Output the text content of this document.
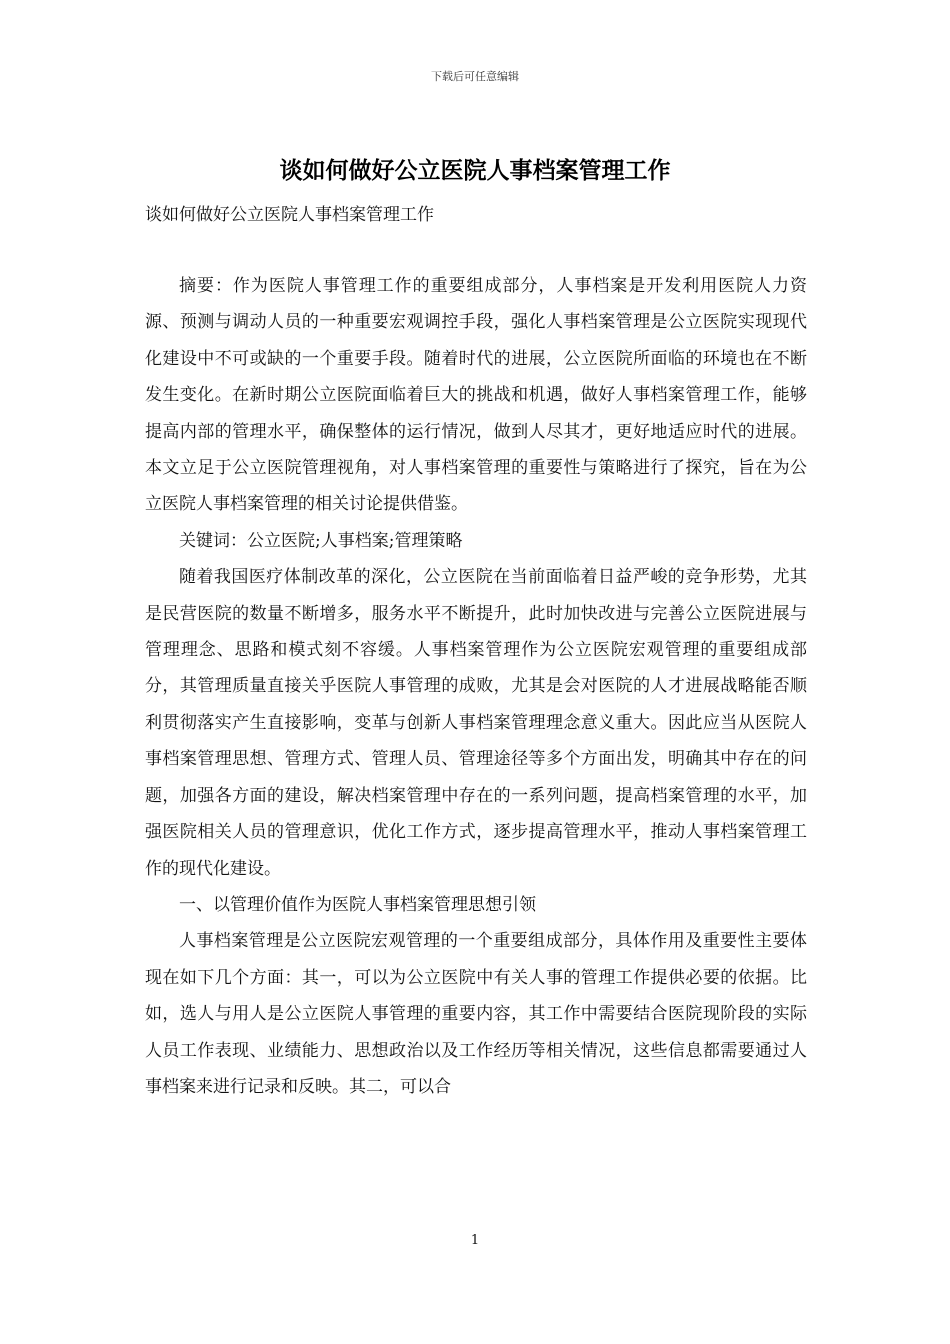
下载后可任意编辑
谈如何做好公立医院人事档案管理工作
谈如何做好公立医院人事档案管理工作

摘要：作为医院人事管理工作的重要组成部分，人事档案是开发利用医院人力资源、预测与调动人员的一种重要宏观调控手段，强化人事档案管理是公立医院实现现代化建设中不可或缺的一个重要手段。随着时代的进展，公立医院所面临的环境也在不断发生变化。在新时期公立医院面临着巨大的挑战和机遇，做好人事档案管理工作，能够提高内部的管理水平，确保整体的运行情况，做到人尽其才，更好地适应时代的进展。本文立足于公立医院管理视角，对人事档案管理的重要性与策略进行了探究，旨在为公立医院人事档案管理的相关讨论提供借鉴。

关键词：公立医院;人事档案;管理策略

随着我国医疗体制改革的深化，公立医院在当前面临着日益严峻的竞争形势，尤其是民营医院的数量不断增多，服务水平不断提升，此时加快改进与完善公立医院进展与管理理念、思路和模式刻不容缓。人事档案管理作为公立医院宏观管理的重要组成部分，其管理质量直接关乎医院人事管理的成败，尤其是会对医院的人才进展战略能否顺利贯彻落实产生直接影响，变革与创新人事档案管理理念意义重大。因此应当从医院人事档案管理思想、管理方式、管理人员、管理途径等多个方面出发，明确其中存在的问题，加强各方面的建设，解决档案管理中存在的一系列问题，提高档案管理的水平，加强医院相关人员的管理意识，优化工作方式，逐步提高管理水平，推动人事档案管理工作的现代化建设。

一、以管理价值作为医院人事档案管理思想引领

人事档案管理是公立医院宏观管理的一个重要组成部分，具体作用及重要性主要体现在如下几个方面：其一，可以为公立医院中有关人事的管理工作提供必要的依据。比如，选人与用人是公立医院人事管理的重要内容，其工作中需要结合医院现阶段的实际人员工作表现、业绩能力、思想政治以及工作经历等相关情况，这些信息都需要通过人事档案来进行记录和反映。其二，可以合

1
